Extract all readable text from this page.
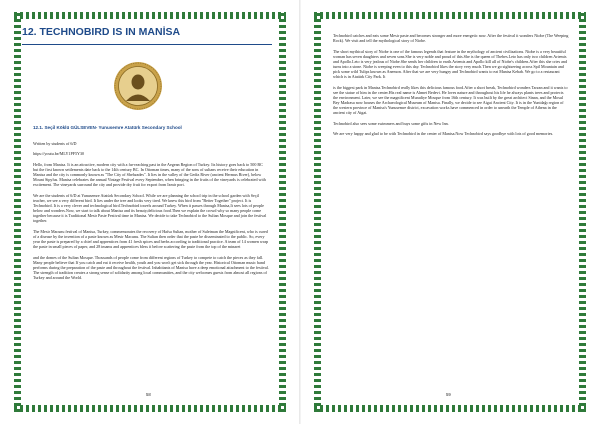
12. TECHNOBIRD IS IN MANİSA
12.1. Seçil Köklü GÜLSEVEN- Yunusemre Atatürk Secondary School

Written by students of 6/D

https://youtu.be/MLY1PF5Y30

Hello, from Manisa. It is an attractive, modern city with a far-reaching past in the Aegean Region of Turkey. Its history goes back to 500 BC but the first known settlements date back to the 14th century BC. In Ottoman times, many of the sons of sultans receive their education in Manisa and the city is commonly known as "The City of Shehzades". It lies in the valley of the Gediz River (ancient Hermus River), below Mount Sipylus. Manisa celebrates the annual Vintage Festival every September, when bringing in the fruits of the vineyards is celebrated with excitement. The vineyards surround the city and provide dry fruit for export from Izmir port.

We are the students of 6/D at Yunusemre Atatürk Secondary School. While we are planning the school trip in the school garden with Seçil teacher, we see a very different bird. It lies under the tree and looks very tired. We knew this bird from "Better Together" project. It is Technobird. It is a very clever and technological bird.Technobird travels around Turkey. When it passes through Manisa,It sees lots of people below and wonders.Now, we start to talk about Manisa and its beauty,delicious food.Then we explain the crowd why so many people come together because it is Traditional Mesir Paste Festival time in Manisa. We decide to take Technobird to the Sultan Mosque and join the festival together.

The Mesir Macunu festival of Manisa, Turkey, commemorates the recovery of Hafsa Sultan, mother of Suleiman the Magnificent, who is cured of a disease by the invention of a paste known as Mesir Macunu. The Sultan then order that the paste be disseminated to the public. So, every year the paste is prepared by a chief and apprentices from 41 fresh spices and herbs according to traditional practice. A team of 14 women wrap the paste in small pieces of paper, and 28 imams and apprentices bless it before scattering the paste from the top of the minaret

and the domes of the Sultan Mosque. Thousands of people come from different regions of Turkey to compete to catch the pieces as they fall. Many people believe that If you catch and eat it receive health, youth and you won't get sick through the year. Historical Ottoman music band performs during the preparation of the paste and throughout the festival. Inhabitants of Manisa have a deep emotional attachment to the festival. The strength of tradition creates a strong sense of solidarity among local communities, and the city welcomes guests from almost all regions of Turkey and around the World.

58

Technobird catches and eats some Mesir paste and becomes stronger and more energetic now. After the festival it wonders Niobe (The Weeping Rock). We visit and tell the mythological story of Niobe.

The short mythical story of Niobe is one of the famous legends that feature in the mythology of ancient civilizations. Niobe is a very beautiful woman has seven daughters and seven sons.She is very noble and proud of this.She is the queen of Thebes.Leto has only two children Artemis and Apollo.Leto is very jealous of Niobe.She sends her children to earth.Artemis and Apollo kill all of Niobe's children.After this she cries and turns into a stone. Niobe is weeping even to this day. Technobird likes the story very much.Then we go sightseeing across Spil Mountain and pick some wild Tulips known as Anemon. After that we are very hungry and Technobird wants to eat Manisa Kebab. We go to a restaurant which is in Atatürk City Park. It

is the biggest park in Manisa.Technobird really likes this delicious famous food.After a short break, Technobird wonders Tarzan and it wants to see the statue of him in the center.His real name is Ahmet Bedevi. He loves nature and throughout his life he always plants trees and protects the environment. Later, we see the magnificent Muradiye Mosque from 16th century. It was built by the great architect Sinan, and the Mosul Bey Madrasa now houses the Archaeological Museum of Manisa. Finally, we decide to see Aigai Ancient City. It is in the Yuntdağı region of the western province of Manisa's Yunusemre district, excavation works have commenced in order to unearth the Temple of Athena in the ancient city of Aigai.

Technobird also sees some swimmers and buys some gifts in New Inn.

We are very happy and glad to be with Technobird in the center of Manisa.Now Technobird says goodbye with lots of good memories.

59
